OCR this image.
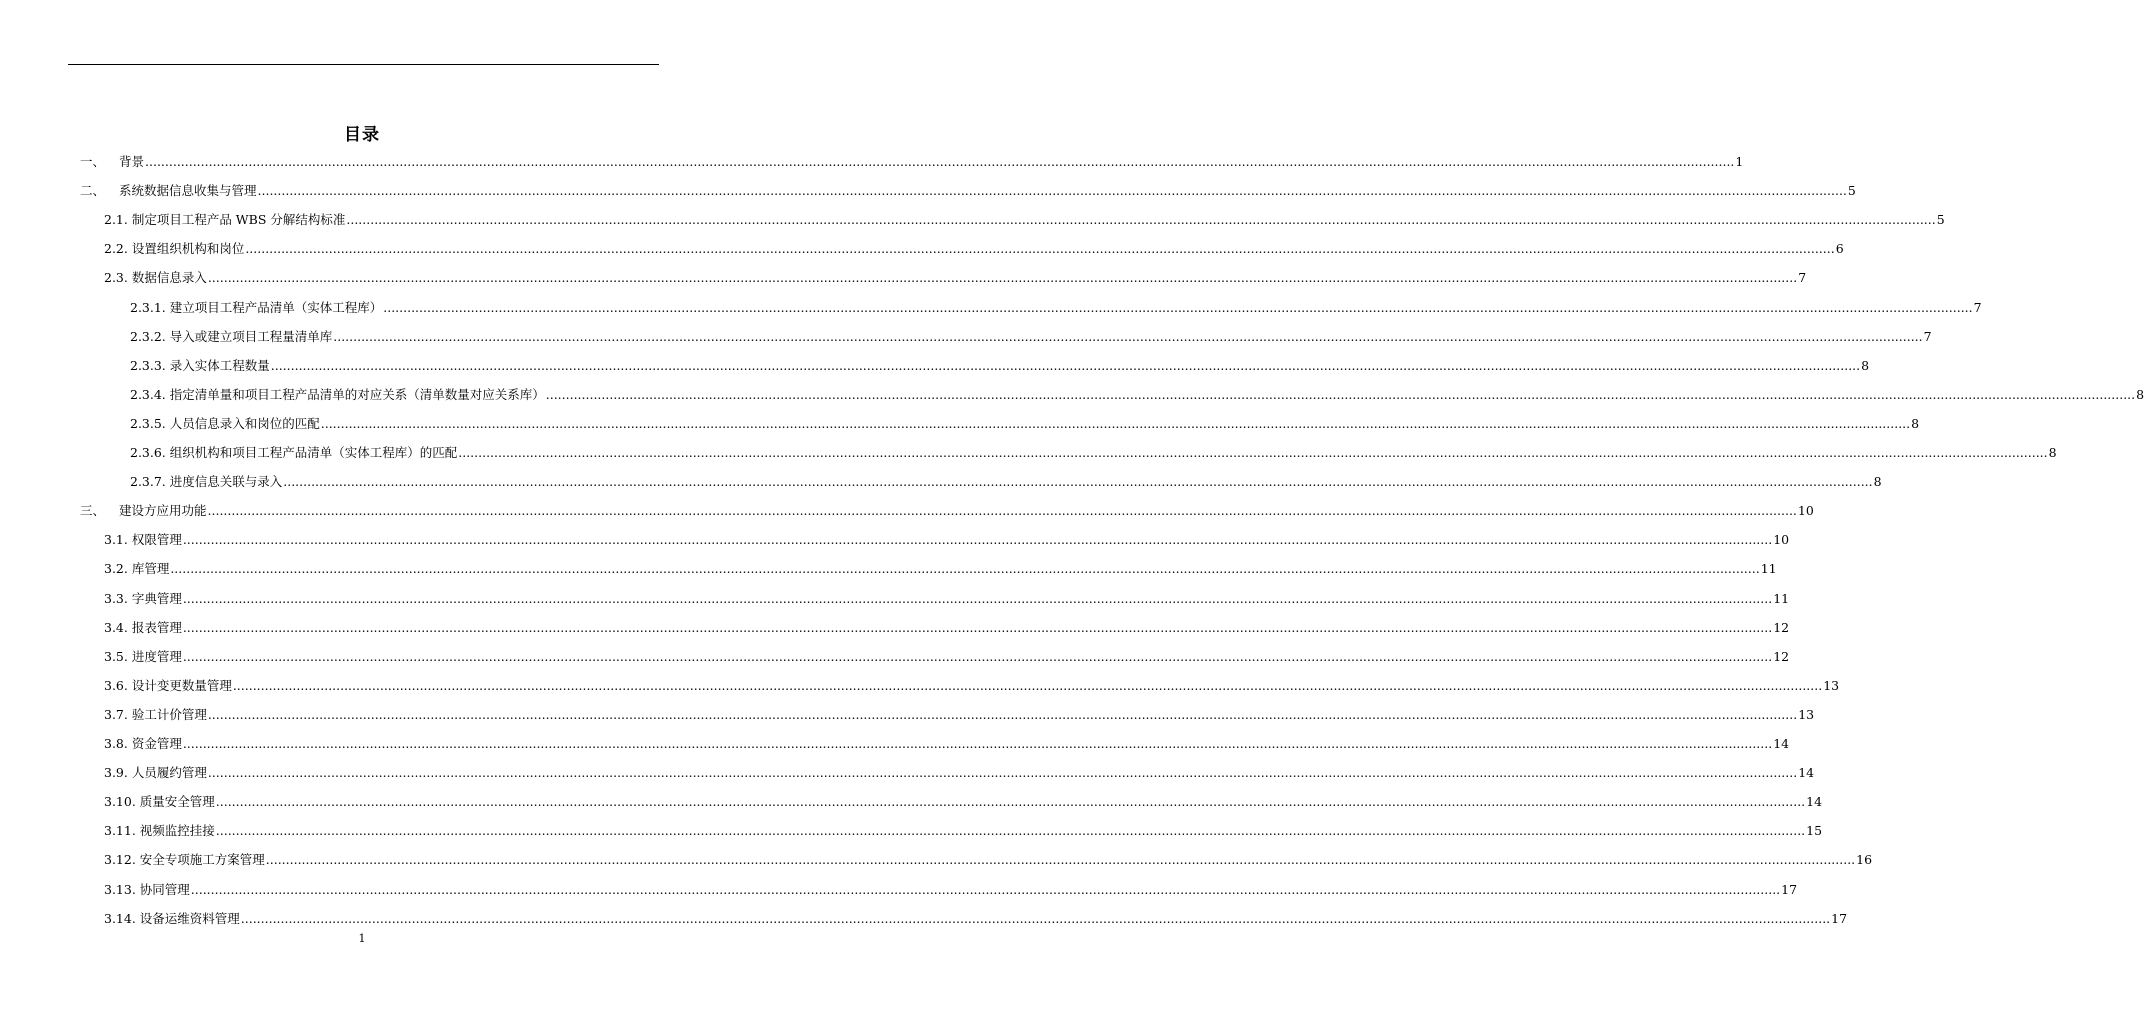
目录
一、 背景 ................................................................................................................................................................................................................................................................................................................................................................................................................ 1
二、 系统数据信息收集与管理 ................................................................................................................................................................................................................................................................................................................................................................................................................ 5
2.1. 制定项目工程产品 WBS 分解结构标准 ................................................................................................................................................................................................................................................................................................................................................................................................................ 5
2.2. 设置组织机构和岗位 ................................................................................................................................................................................................................................................................................................................................................................................................................ 6
2.3. 数据信息录入 ................................................................................................................................................................................................................................................................................................................................................................................................................ 7
2.3.1. 建立项目工程产品清单（实体工程库） ................................................................................................................................................................................................................................................................................................................................................................................................................ 7
2.3.2. 导入或建立项目工程量清单库 ................................................................................................................................................................................................................................................................................................................................................................................................................ 7
2.3.3. 录入实体工程数量 ................................................................................................................................................................................................................................................................................................................................................................................................................ 8
2.3.4. 指定清单量和项目工程产品清单的对应关系（清单数量对应关系库） ................................................................................................................................................................................................................................................................................................................................................................................................................ 8
2.3.5. 人员信息录入和岗位的匹配 ................................................................................................................................................................................................................................................................................................................................................................................................................ 8
2.3.6. 组织机构和项目工程产品清单（实体工程库）的匹配 ................................................................................................................................................................................................................................................................................................................................................................................................................ 8
2.3.7. 进度信息关联与录入 ................................................................................................................................................................................................................................................................................................................................................................................................................ 8
三、 建设方应用功能 ................................................................................................................................................................................................................................................................................................................................................................................................................ 10
3.1. 权限管理 ................................................................................................................................................................................................................................................................................................................................................................................................................ 10
3.2. 库管理 ................................................................................................................................................................................................................................................................................................................................................................................................................ 11
3.3. 字典管理 ................................................................................................................................................................................................................................................................................................................................................................................................................ 11
3.4. 报表管理 ................................................................................................................................................................................................................................................................................................................................................................................................................ 12
3.5. 进度管理 ................................................................................................................................................................................................................................................................................................................................................................................................................ 12
3.6. 设计变更数量管理 ................................................................................................................................................................................................................................................................................................................................................................................................................ 13
3.7. 验工计价管理 ................................................................................................................................................................................................................................................................................................................................................................................................................ 13
3.8. 资金管理 ................................................................................................................................................................................................................................................................................................................................................................................................................ 14
3.9. 人员履约管理 ................................................................................................................................................................................................................................................................................................................................................................................................................ 14
3.10. 质量安全管理 ................................................................................................................................................................................................................................................................................................................................................................................................................ 14
3.11. 视频监控挂接 ................................................................................................................................................................................................................................................................................................................................................................................................................ 15
3.12. 安全专项施工方案管理 ................................................................................................................................................................................................................................................................................................................................................................................................................ 16
3.13. 协同管理 ................................................................................................................................................................................................................................................................................................................................................................................................................ 17
3.14. 设备运维资料管理 ................................................................................................................................................................................................................................................................................................................................................................................................................ 17
1
